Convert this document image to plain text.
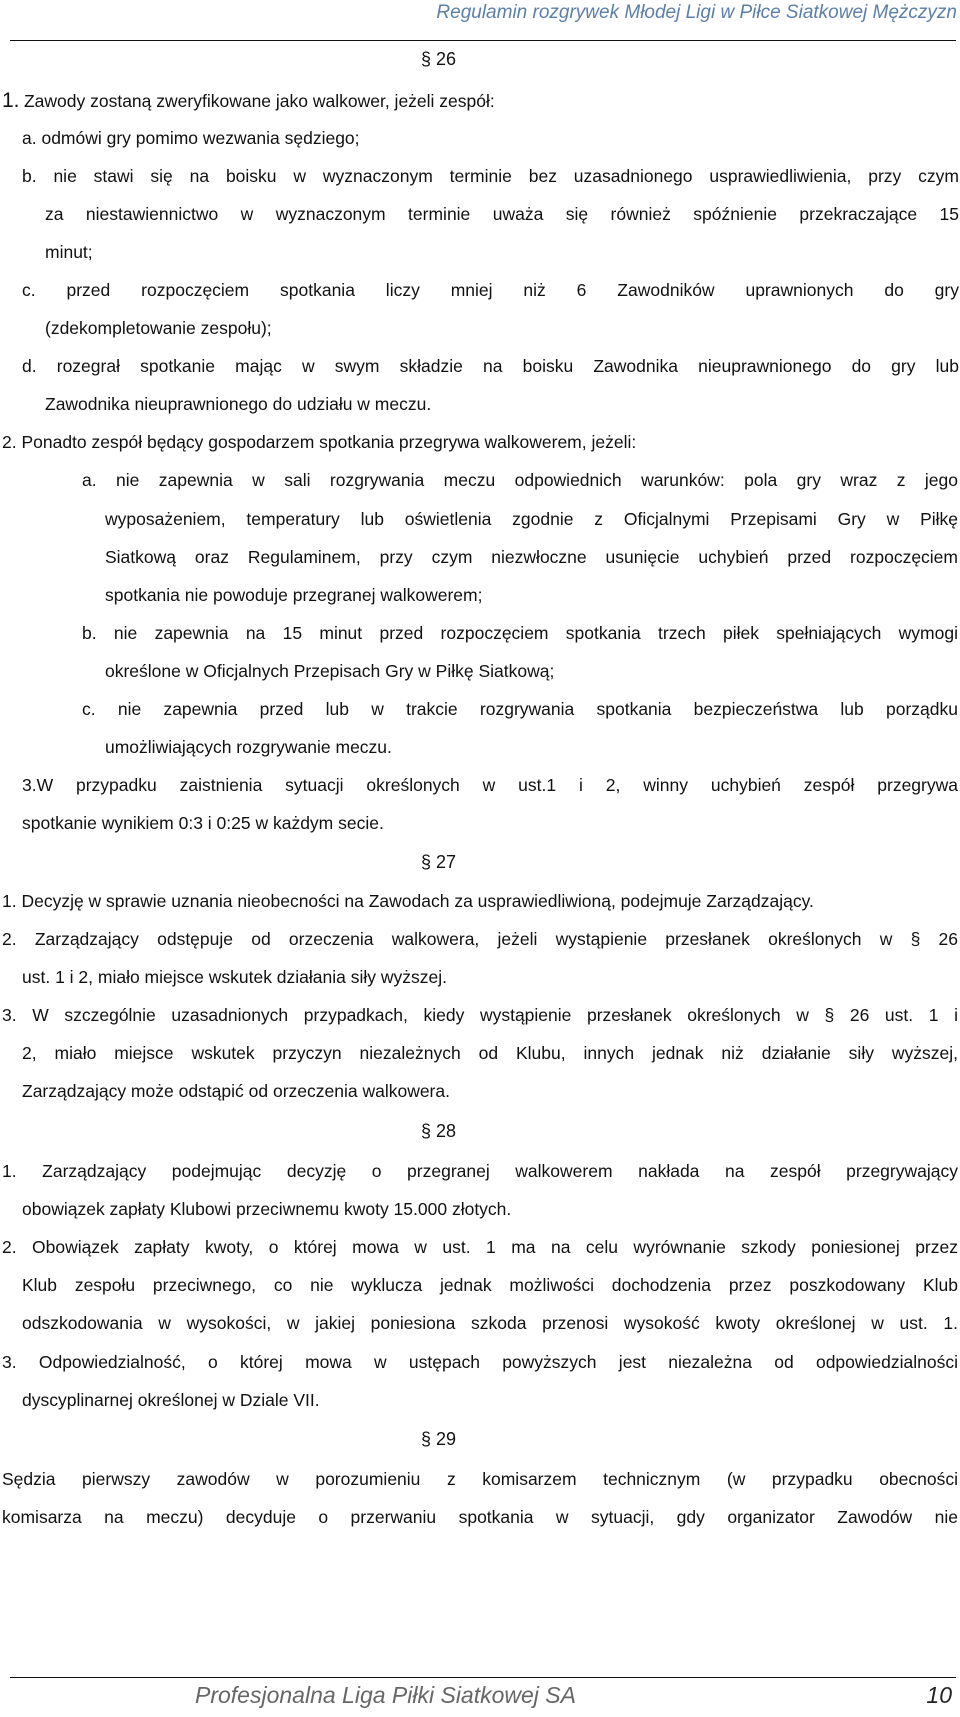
Regulamin rozgrywek Młodej Ligi w Piłce Siatkowej Mężczyzn
§ 26
1. Zawody zostaną zweryfikowane jako walkower, jeżeli zespół:
a. odmówi gry pomimo wezwania sędziego;
b. nie stawi się na boisku w wyznaczonym terminie bez uzasadnionego usprawiedliwienia, przy czym
za niestawiennictwo w wyznaczonym terminie uważa się również spóźnienie przekraczające 15
minut;
c. przed rozpoczęciem spotkania liczy mniej niż 6 Zawodników uprawnionych do gry
(zdekompletowanie zespołu);
d. rozegrał spotkanie mając w swym składzie na boisku Zawodnika nieuprawnionego do gry lub
Zawodnika nieuprawnionego do udziału w meczu.
2. Ponadto zespół będący gospodarzem spotkania przegrywa walkowerem, jeżeli:
a. nie zapewnia w sali rozgrywania meczu odpowiednich warunków: pola gry wraz z jego
wyposażeniem, temperatury lub oświetlenia zgodnie z Oficjalnymi Przepisami Gry w Piłkę
Siatkową oraz Regulaminem, przy czym niezwłoczne usunięcie uchybień przed rozpoczęciem
spotkania nie powoduje przegranej walkowerem;
b. nie zapewnia na 15 minut przed rozpoczęciem spotkania trzech piłek spełniających wymogi
określone w Oficjalnych Przepisach Gry w Piłkę Siatkową;
c. nie zapewnia przed lub w trakcie rozgrywania spotkania bezpieczeństwa lub porządku
umożliwiających rozgrywanie meczu.
3.W przypadku zaistnienia sytuacji określonych w ust.1 i 2, winny uchybień zespół przegrywa
spotkanie wynikiem 0:3 i 0:25 w każdym secie.
§ 27
1. Decyzję w sprawie uznania nieobecności na Zawodach za usprawiedliwioną, podejmuje Zarządzający.
2. Zarządzający odstępuje od orzeczenia walkowera, jeżeli wystąpienie przesłanek określonych w § 26
ust. 1 i 2, miało miejsce wskutek działania siły wyższej.
3. W szczególnie uzasadnionych przypadkach, kiedy wystąpienie przesłanek określonych w § 26 ust. 1 i
2, miało miejsce wskutek przyczyn niezależnych od Klubu, innych jednak niż działanie siły wyższej,
Zarządzający może odstąpić od orzeczenia walkowera.
§ 28
1. Zarządzający podejmując decyzję o przegranej walkowerem nakłada na zespół przegrywający
obowiązek zapłaty Klubowi przeciwnemu kwoty 15.000 złotych.
2. Obowiązek zapłaty kwoty, o której mowa w ust. 1 ma na celu wyrównanie szkody poniesionej przez
Klub zespołu przeciwnego, co nie wyklucza jednak możliwości dochodzenia przez poszkodowany Klub
odszkodowania w wysokości, w jakiej poniesiona szkoda przenosi wysokość kwoty określonej w ust. 1.
3. Odpowiedzialność, o której mowa w ustępach powyższych jest niezależna od odpowiedzialności
dyscyplinarnej określonej w Dziale VII.
§ 29
Sędzia pierwszy zawodów w porozumieniu z komisarzem technicznym (w przypadku obecności
komisarza na meczu) decyduje o przerwaniu spotkania w sytuacji, gdy organizator Zawodów nie
Profesjonalna Liga Piłki Siatkowej SA	10
